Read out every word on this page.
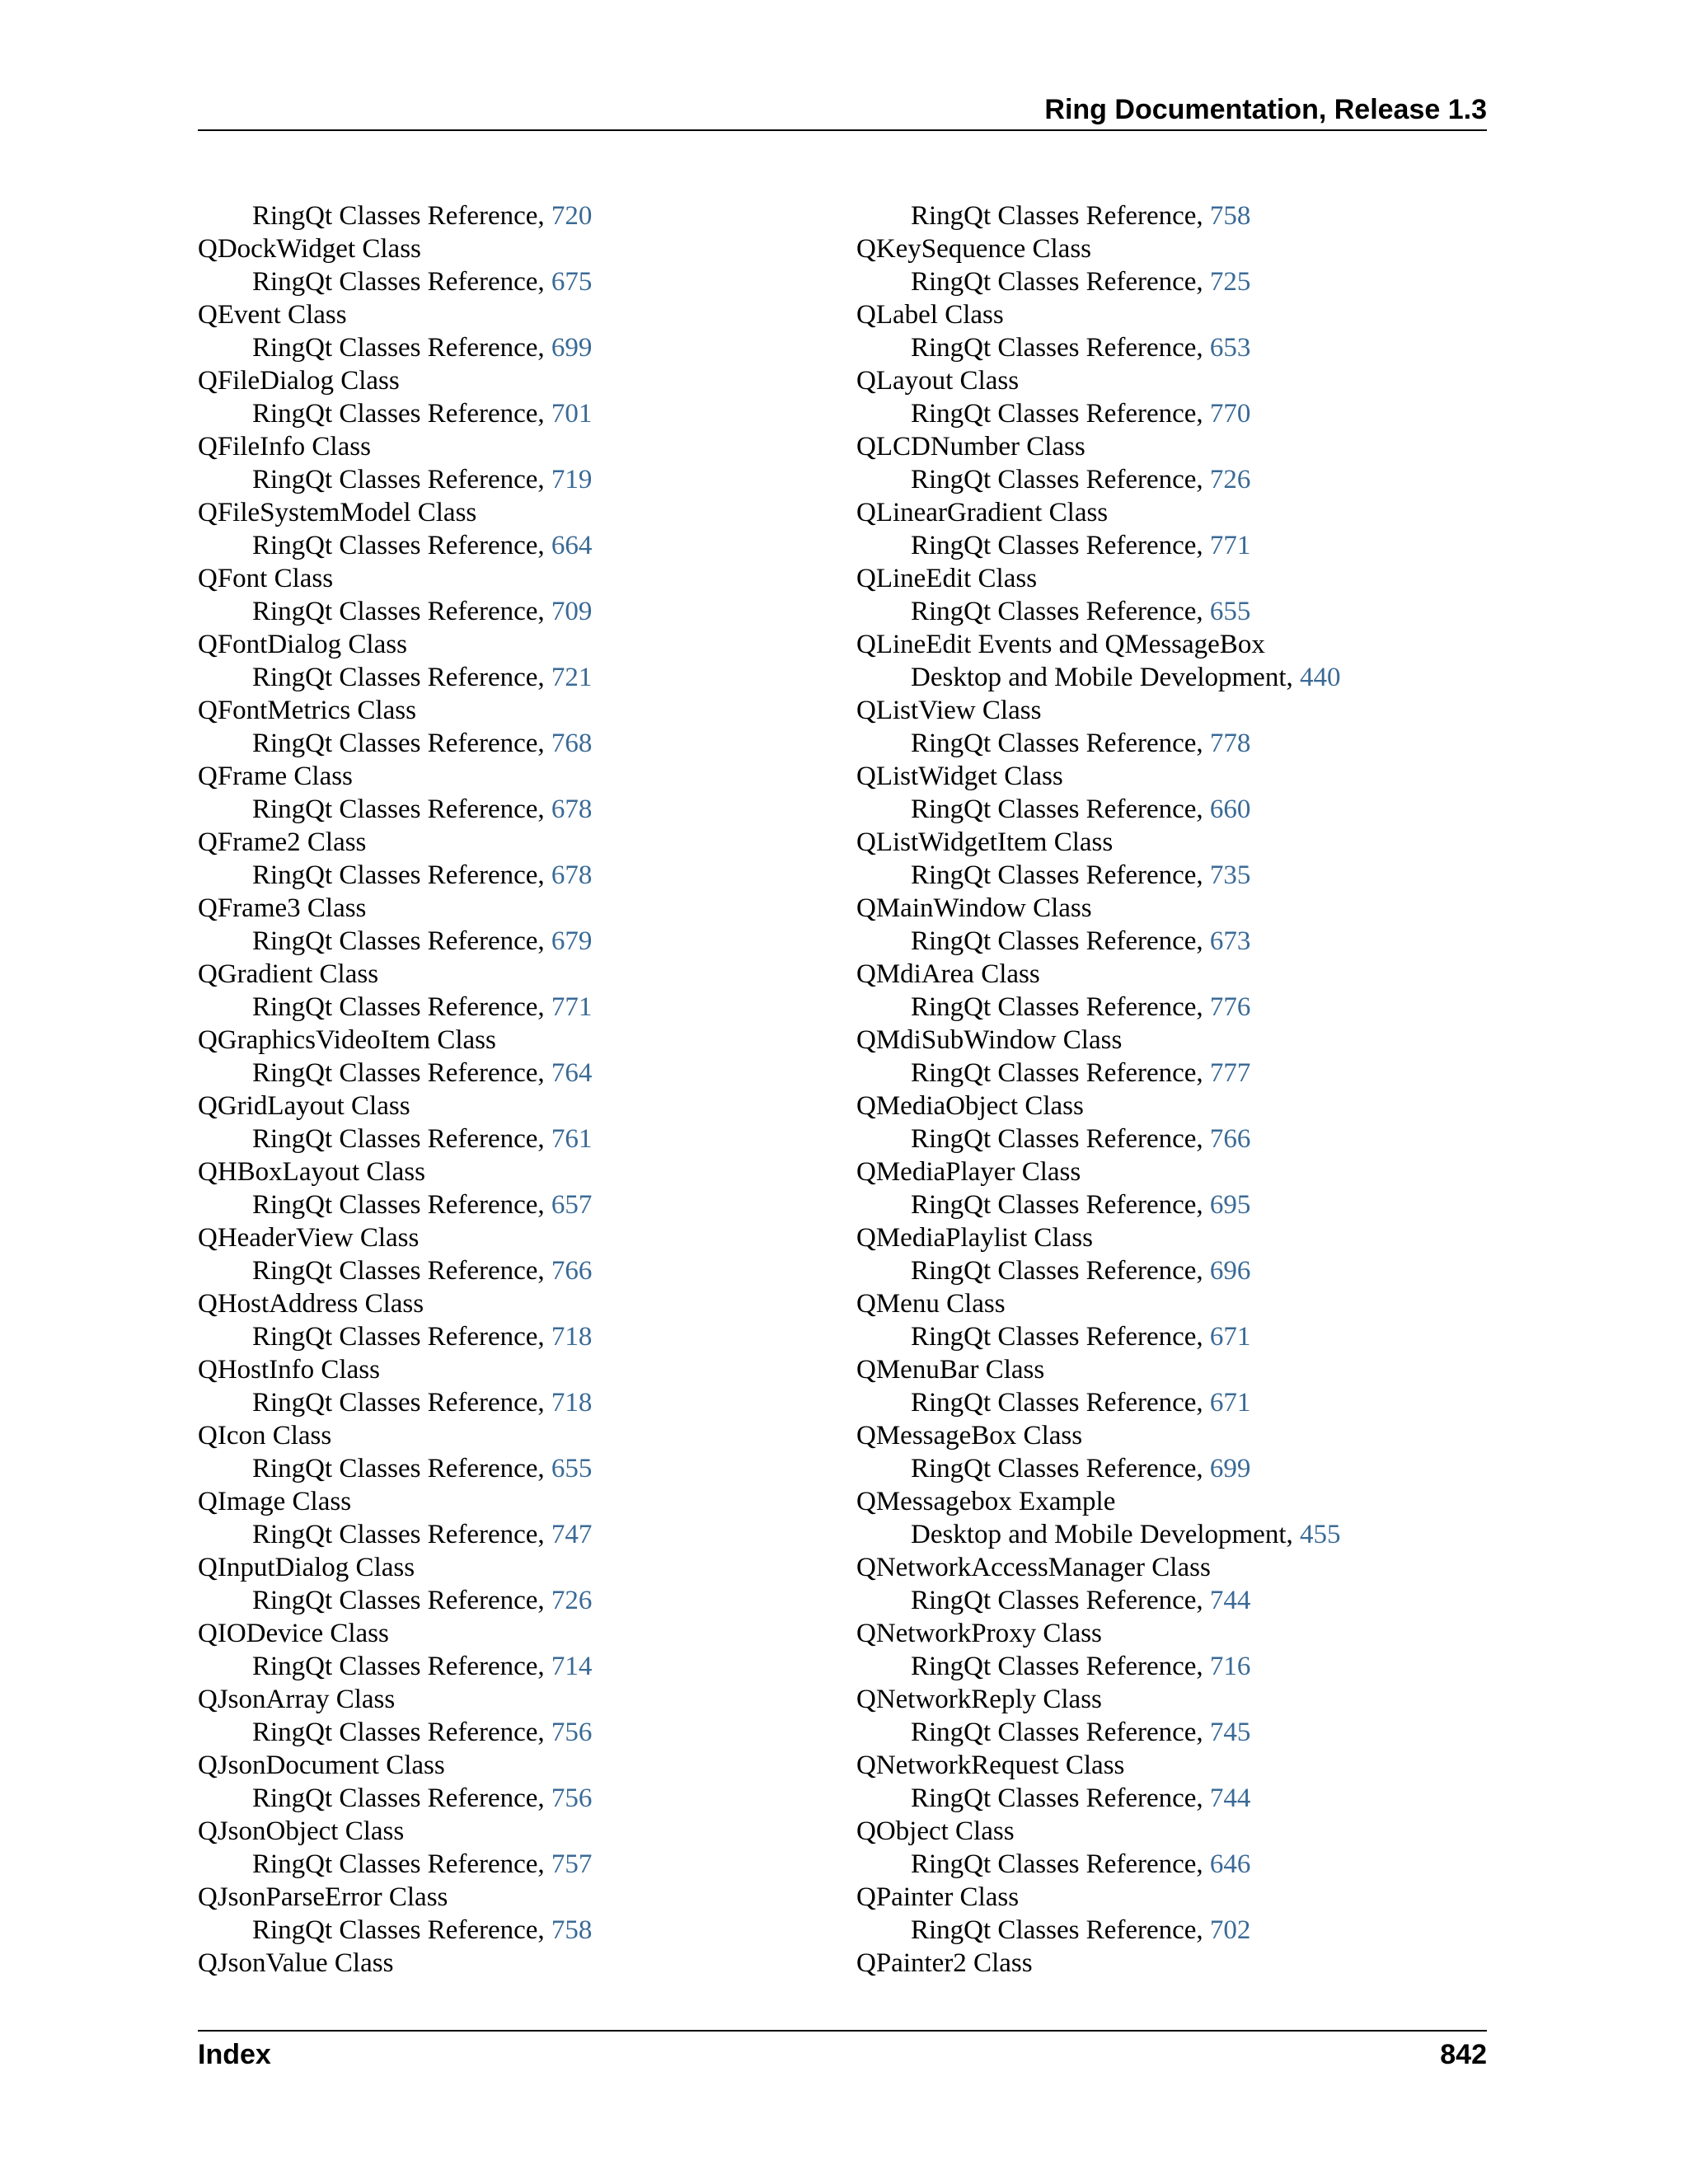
Ring Documentation, Release 1.3
RingQt Classes Reference, 720
QDockWidget Class
RingQt Classes Reference, 675
QEvent Class
RingQt Classes Reference, 699
QFileDialog Class
RingQt Classes Reference, 701
QFileInfo Class
RingQt Classes Reference, 719
QFileSystemModel Class
RingQt Classes Reference, 664
QFont Class
RingQt Classes Reference, 709
QFontDialog Class
RingQt Classes Reference, 721
QFontMetrics Class
RingQt Classes Reference, 768
QFrame Class
RingQt Classes Reference, 678
QFrame2 Class
RingQt Classes Reference, 678
QFrame3 Class
RingQt Classes Reference, 679
QGradient Class
RingQt Classes Reference, 771
QGraphicsVideoItem Class
RingQt Classes Reference, 764
QGridLayout Class
RingQt Classes Reference, 761
QHBoxLayout Class
RingQt Classes Reference, 657
QHeaderView Class
RingQt Classes Reference, 766
QHostAddress Class
RingQt Classes Reference, 718
QHostInfo Class
RingQt Classes Reference, 718
QIcon Class
RingQt Classes Reference, 655
QImage Class
RingQt Classes Reference, 747
QInputDialog Class
RingQt Classes Reference, 726
QIODevice Class
RingQt Classes Reference, 714
QJsonArray Class
RingQt Classes Reference, 756
QJsonDocument Class
RingQt Classes Reference, 756
QJsonObject Class
RingQt Classes Reference, 757
QJsonParseError Class
RingQt Classes Reference, 758
QJsonValue Class
RingQt Classes Reference, 758
QKeySequence Class
RingQt Classes Reference, 725
QLabel Class
RingQt Classes Reference, 653
QLayout Class
RingQt Classes Reference, 770
QLCDNumber Class
RingQt Classes Reference, 726
QLinearGradient Class
RingQt Classes Reference, 771
QLineEdit Class
RingQt Classes Reference, 655
QLineEdit Events and QMessageBox
Desktop and Mobile Development, 440
QListView Class
RingQt Classes Reference, 778
QListWidget Class
RingQt Classes Reference, 660
QListWidgetItem Class
RingQt Classes Reference, 735
QMainWindow Class
RingQt Classes Reference, 673
QMdiArea Class
RingQt Classes Reference, 776
QMdiSubWindow Class
RingQt Classes Reference, 777
QMediaObject Class
RingQt Classes Reference, 766
QMediaPlayer Class
RingQt Classes Reference, 695
QMediaPlaylist Class
RingQt Classes Reference, 696
QMenu Class
RingQt Classes Reference, 671
QMenuBar Class
RingQt Classes Reference, 671
QMessageBox Class
RingQt Classes Reference, 699
QMessagebox Example
Desktop and Mobile Development, 455
QNetworkAccessManager Class
RingQt Classes Reference, 744
QNetworkProxy Class
RingQt Classes Reference, 716
QNetworkReply Class
RingQt Classes Reference, 745
QNetworkRequest Class
RingQt Classes Reference, 744
QObject Class
RingQt Classes Reference, 646
QPainter Class
RingQt Classes Reference, 702
QPainter2 Class
Index	842
